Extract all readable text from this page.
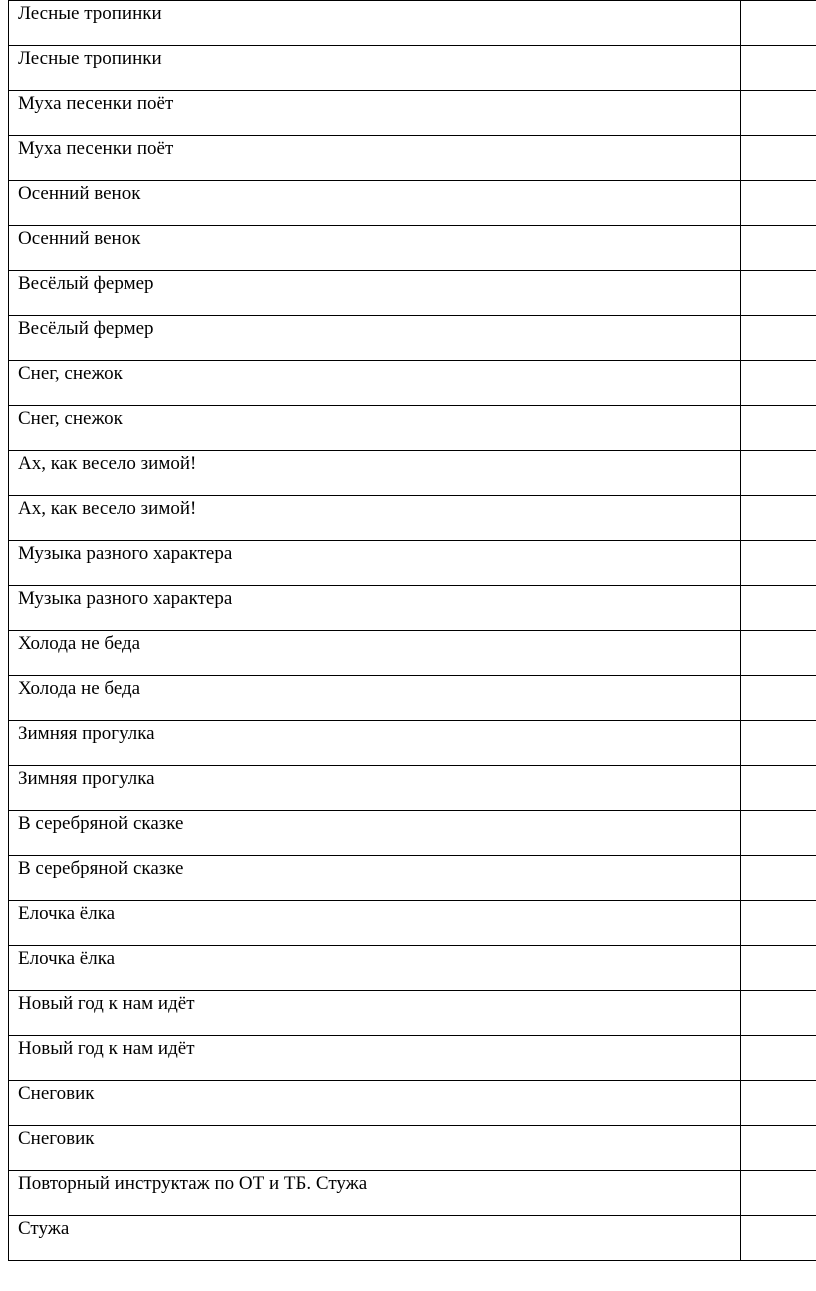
Лесные тропинки	
Лесные тропинки	
Муха песенки поёт	
Муха песенки поёт	
Осенний венок	
Осенний венок	
Весёлый фермер	
Весёлый фермер	
Снег, снежок	
Снег, снежок	
Ах, как весело зимой!	
Ах, как весело зимой!	
Музыка разного характера	
Музыка разного характера	
Холода не беда	
Холода не беда	
Зимняя прогулка	
Зимняя прогулка	
В серебряной сказке	
В серебряной сказке	
Елочка ёлка	
Елочка ёлка	
Новый год к нам идёт	
Новый год к нам идёт	
Снеговик	
Снеговик	
Повторный инструктаж по ОТ и ТБ. Стужа	
Стужа	
